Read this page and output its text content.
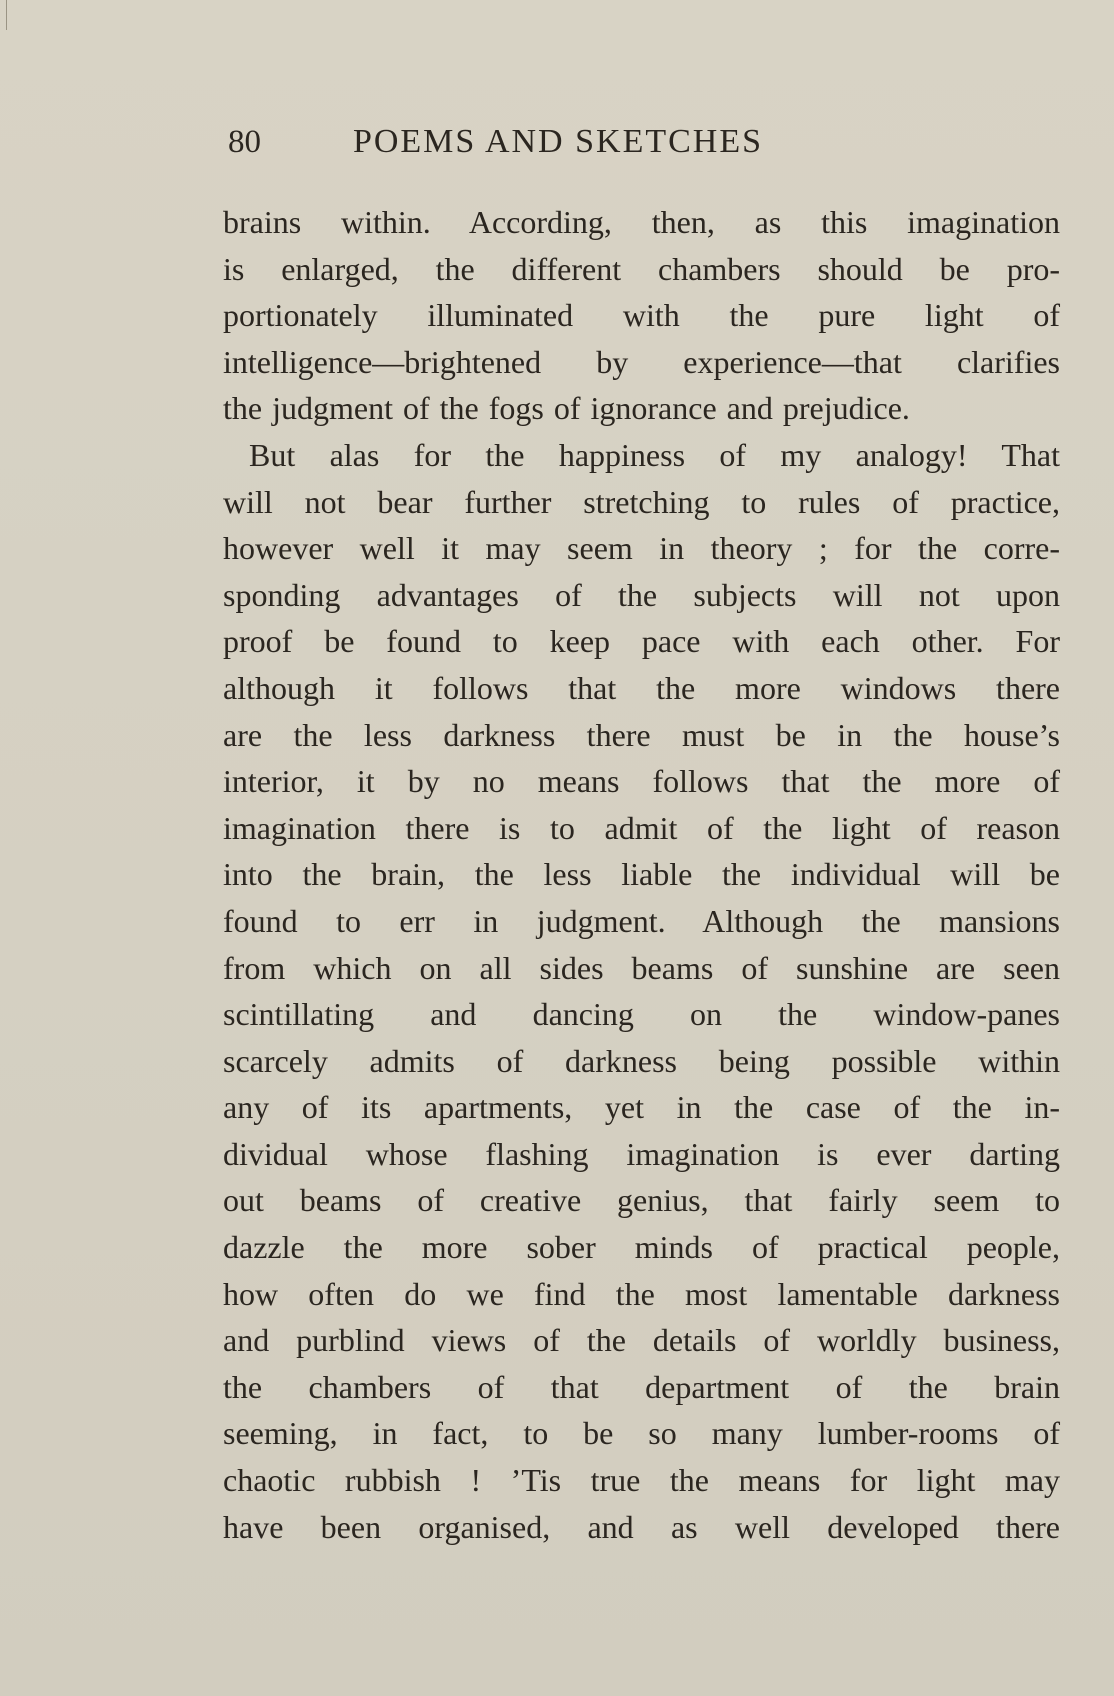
80	POEMS AND SKETCHES
brains within. According, then, as this imagination
is enlarged, the different chambers should be pro-
portionately illuminated with the pure light of
intelligence—brightened by experience—that clarifies
the judgment of the fogs of ignorance and prejudice.
But alas for the happiness of my analogy! That
will not bear further stretching to rules of practice,
however well it may seem in theory ; for the corre-
sponding advantages of the subjects will not upon
proof be found to keep pace with each other. For
although it follows that the more windows there
are the less darkness there must be in the house’s
interior, it by no means follows that the more of
imagination there is to admit of the light of reason
into the brain, the less liable the individual will be
found to err in judgment. Although the mansions
from which on all sides beams of sunshine are seen
scintillating and dancing on the window-panes
scarcely admits of darkness being possible within
any of its apartments, yet in the case of the in-
dividual whose flashing imagination is ever darting
out beams of creative genius, that fairly seem to
dazzle the more sober minds of practical people,
how often do we find the most lamentable darkness
and purblind views of the details of worldly business,
the chambers of that department of the brain
seeming, in fact, to be so many lumber-rooms of
chaotic rubbish ! ’Tis true the means for light may
have been organised, and as well developed there
